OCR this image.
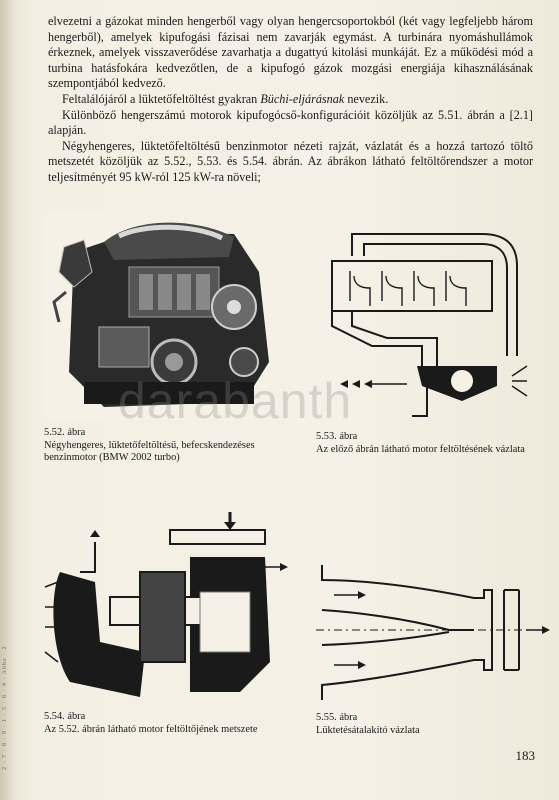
2 · 7 · 8 · 9 · 1 · 5 · 6 · 4 · Abbe · 2

elvezetni a gázokat minden hengerből vagy olyan hengercsoportokból (két vagy legfeljebb három hengerből), amelyek kipufogási fázisai nem zavarják egymást. A turbinára nyomáshullámok érkeznek, amelyek visszaverődése zavarhatja a dugattyú kitolási munkáját. Ez a működési mód a turbina hatásfokára kedvezőtlen, de a kipufogó gázok mozgási energiája kihasználásának szempontjából kedvező.

Feltalálójáról a lüktetőfeltöltést gyakran Büchi-eljárásnak nevezik.

Különböző hengerszámú motorok kipufogócső-konfigurációit közöljük az 5.51. ábrán a [2.1] alapján.

Négyhengeres, lüktetőfeltöltésű benzinmotor nézeti rajzát, vázlatát és a hozzá tartozó töltő metszetét közöljük az 5.52., 5.53. és 5.54. ábrán. Az ábrákon látható feltöltőrendszer a motor teljesítményét 95 kW-ról 125 kW-ra növeli;

5.52. ábra
Négyhengeres, lüktetőfeltöltésű, befecskendezéses benzinmotor (BMW 2002 turbo)
5.53. ábra
Az előző ábrán látható motor feltöltésének vázlata
5.54. ábra
Az 5.52. ábrán látható motor feltöltőjének metszete
5.55. ábra
Lüktetésátalakító vázlata
darabanth
183
